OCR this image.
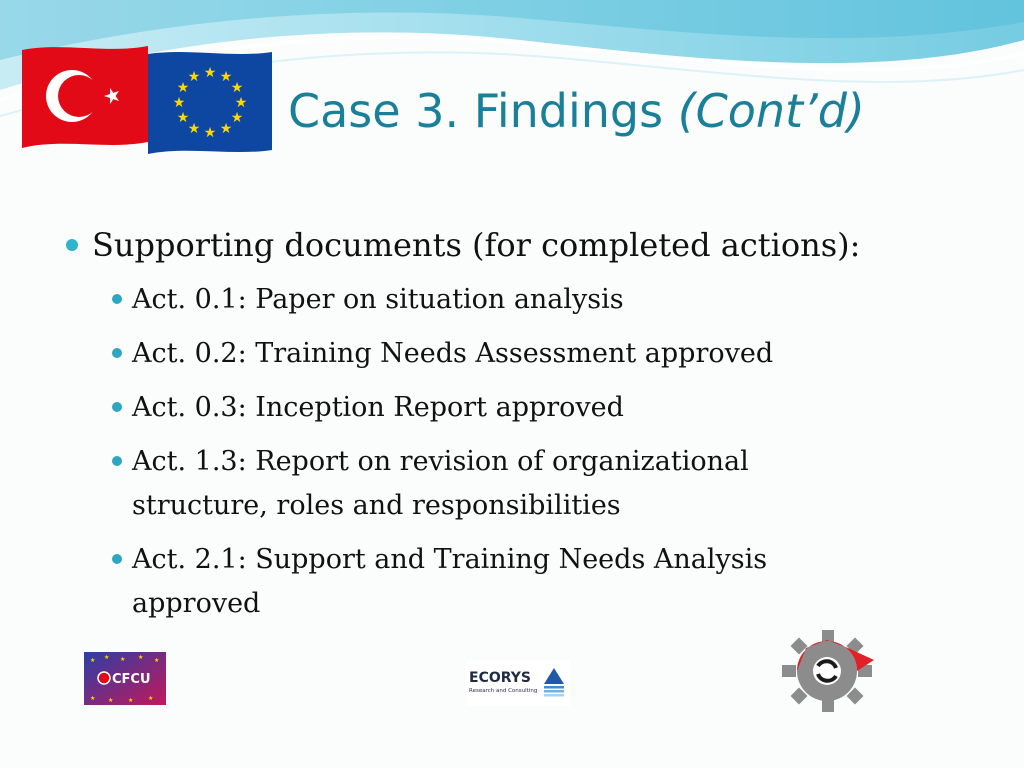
★ ★
★
★
★
★
★
★
★
★
★
★
Case 3. Findings (Cont’d)
Supporting documents (for completed actions):
Act. 0.1: Paper on situation analysis
Act. 0.2: Training Needs Assessment approved
Act. 0.3: Inception Report approved
Act. 1.3: Report on revision of organizational structure, roles and responsibilities
Act. 2.1: Support and Training Needs Analysis approved
CFCU
★ ★ ★ ★ ★
★ ★ ★ ★
ECORYS
Research and Consulting
